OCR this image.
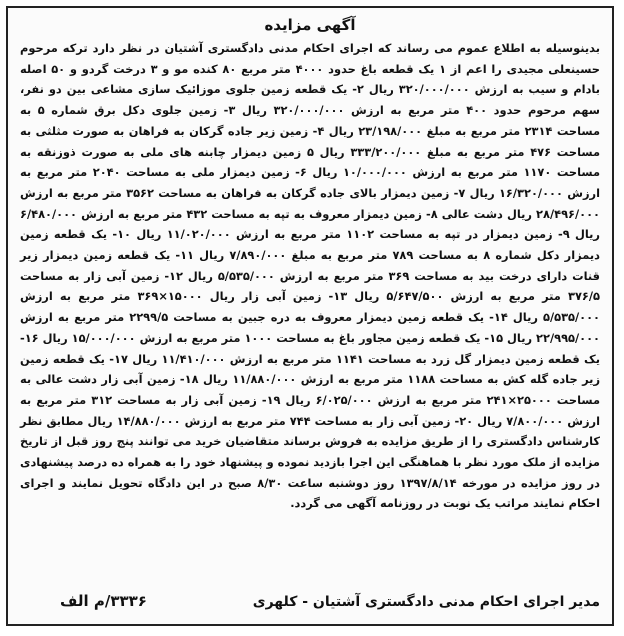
آگهی مزایده
بدینوسیله به اطلاع عموم می رساند که اجرای احکام مدنی دادگستری آشتیان در نظر دارد ترکه مرحوم حسینعلی مجیدی را اعم از ۱ یک قطعه باغ حدود ۴۰۰۰ متر مربع ۸۰ کنده مو و ۳ درخت گردو و ۵۰ اصله بادام و سیب به ارزش ۳۲۰/۰۰۰/۰۰۰ ریال ۲- یک قطعه زمین جلوی موزائیک سازی مشاعی بین دو نفر، سهم مرحوم حدود ۴۰۰ متر مربع به ارزش ۳۲۰/۰۰۰/۰۰۰ ریال ۳- زمین جلوی دکل برق شماره ۵ به مساحت ۲۳۱۴ متر مربع به مبلغ ۲۳/۱۹۸/۰۰۰ ریال ۴- زمین زیر جاده گرکان به فراهان به صورت مثلثی به مساحت ۴۷۶ متر مربع به مبلغ ۳۳۳/۲۰۰/۰۰۰ ریال ۵ زمین دیمزار چابنه های ملی به صورت ذوزنقه به مساحت ۱۱۷۰ متر مربع به ارزش ۱۰/۰۰۰/۰۰۰ ریال ۶- زمین دیمزار ملی به مساحت ۲۰۴۰ متر مربع به ارزش ۱۶/۳۲۰/۰۰۰ ریال ۷- زمین دیمزار بالای جاده گرکان به فراهان به مساحت ۳۵۶۲ متر مربع به ارزش ۲۸/۴۹۶/۰۰۰ ریال دشت عالی ۸- زمین دیمزار معروف به تپه به مساحت ۴۳۲ متر مربع به ارزش ۶/۴۸۰/۰۰۰ ریال ۹- زمین دیمزار در تپه به مساحت ۱۱۰۲ متر مربع به ارزش ۱۱/۰۲۰/۰۰۰ ریال ۱۰- یک قطعه زمین دیمزار دکل شماره ۸ به مساحت ۷۸۹ متر مربع به مبلغ ۷/۸۹۰/۰۰۰ ریال ۱۱- یک قطعه زمین دیمزار زیر قنات دارای درخت بید به مساحت ۳۶۹ متر مربع به ارزش ۵/۵۳۵/۰۰۰ ریال ۱۲- زمین آبی زار به مساحت ۳۷۶/۵ متر مربع به ارزش ۵/۶۴۷/۵۰۰ ریال ۱۳- زمین آبی زار ریال ۱۵۰۰۰×۳۶۹ متر مربع به ارزش ۵/۵۳۵/۰۰۰ ریال ۱۴- یک قطعه زمین دیمزار معروف به دره جبین به مساحت ۲۲۹۹/۵ متر مربع به ارزش ۲۲/۹۹۵/۰۰۰ ریال ۱۵- یک قطعه زمین مجاور باغ به مساحت ۱۰۰۰ متر مربع به ارزش ۱۵/۰۰۰/۰۰۰ ریال ۱۶- یک قطعه زمین دیمزار گل زرد به مساحت ۱۱۴۱ متر مربع به ارزش ۱۱/۴۱۰/۰۰۰ ریال ۱۷- یک قطعه زمین زیر جاده گله کش به مساحت ۱۱۸۸ متر مربع به ارزش ۱۱/۸۸۰/۰۰۰ ریال ۱۸- زمین آبی زار دشت عالی به مساحت ۲۵۰۰۰×۲۴۱ متر مربع به ارزش ۶/۰۲۵/۰۰۰ ریال ۱۹- زمین آبی زار به مساحت ۳۱۲ متر مربع به ارزش ۷/۸۰۰/۰۰۰ ریال ۲۰- زمین آبی زار به مساحت ۷۴۴ متر مربع به ارزش ۱۴/۸۸۰/۰۰۰ ریال مطابق نظر کارشناس دادگستری را از طریق مزایده به فروش برساند متقاضیان خرید می توانند پنج روز قبل از تاریخ مزایده از ملک مورد نظر با هماهنگی این اجرا بازدید نموده و پیشنهاد خود را به همراه ده درصد پیشنهادی در روز مزایده در مورخه ۱۳۹۷/۸/۱۴ روز دوشنبه ساعت ۸/۳۰ صبح در این دادگاه تحویل نمایند و اجرای احکام نمایند مراتب یک نوبت در روزنامه آگهی می گردد.
مدیر اجرای احکام مدنی دادگستری آشتیان - کلهری
۳۳۳۶/م الف
